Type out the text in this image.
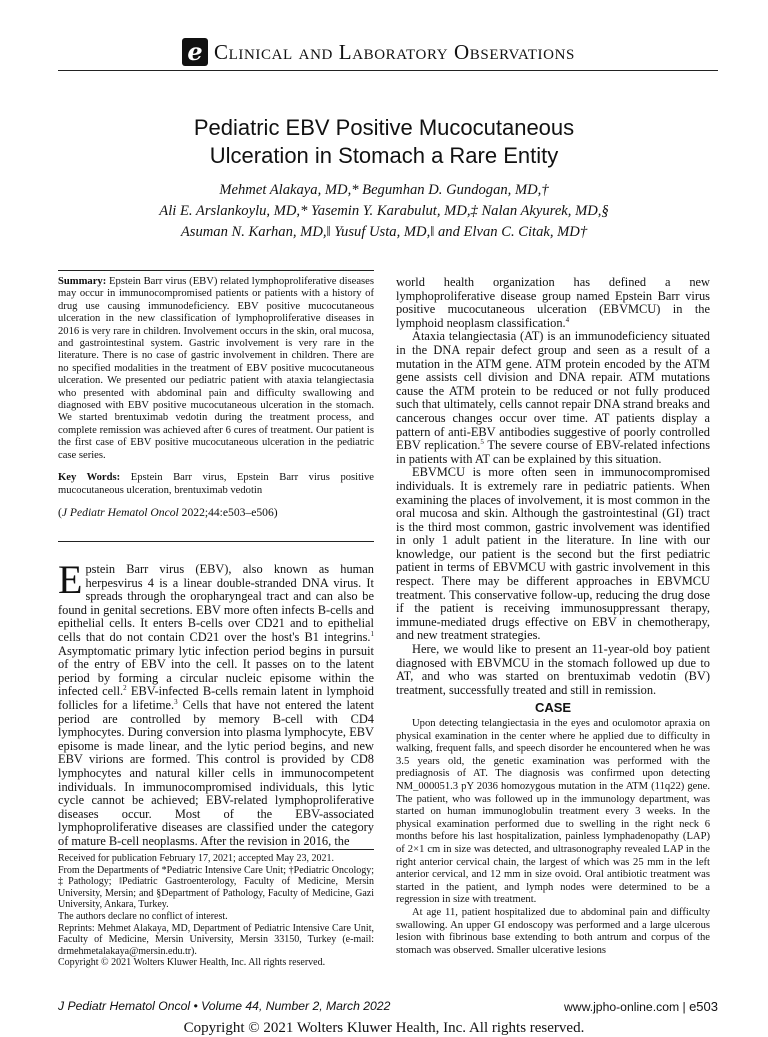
e Clinical and Laboratory Observations
Pediatric EBV Positive Mucocutaneous
Ulceration in Stomach a Rare Entity
Mehmet Alakaya, MD,* Begumhan D. Gundogan, MD,†
Ali E. Arslankoylu, MD,* Yasemin Y. Karabulut, MD,‡ Nalan Akyurek, MD,§
Asuman N. Karhan, MD,‖ Yusuf Usta, MD,‖ and Elvan C. Citak, MD†

Summary: Epstein Barr virus (EBV) related lymphoproliferative diseases may occur in immunocompromised patients or patients with a history of drug use causing immunodeficiency. EBV positive mucocutaneous ulceration in the new classification of lymphoproliferative diseases in 2016 is very rare in children. Involvement occurs in the skin, oral mucosa, and gastrointestinal system. Gastric involvement is very rare in the literature. There is no case of gastric involvement in children. There are no specified modalities in the treatment of EBV positive mucocutaneous ulceration. We presented our pediatric patient with ataxia telangiectasia who presented with abdominal pain and difficulty swallowing and diagnosed with EBV positive mucocutaneous ulceration in the stomach. We started brentuximab vedotin during the treatment process, and complete remission was achieved after 6 cures of treatment. Our patient is the first case of EBV positive mucocutaneous ulceration in the pediatric case series.

Key Words: Epstein Barr virus, Epstein Barr virus positive mucocutaneous ulceration, brentuximab vedotin

(J Pediatr Hematol Oncol 2022;44:e503–e506)

Epstein Barr virus (EBV), also known as human herpesvirus 4 is a linear double-stranded DNA virus. It spreads through the oropharyngeal tract and can also be found in genital secretions. EBV more often infects B-cells and epithelial cells. It enters B-cells over CD21 and to epithelial cells that do not contain CD21 over the host's B1 integrins.$^1$ Asymptomatic primary lytic infection period begins in pursuit of the entry of EBV into the cell. It passes on to the latent period by forming a circular nucleic episome within the infected cell.$^2$ EBV-infected B-cells remain latent in lymphoid follicles for a lifetime.$^3$ Cells that have not entered the latent period are controlled by memory B-cell with CD4 lymphocytes. During conversion into plasma lymphocyte, EBV episome is made linear, and the lytic period begins, and new EBV virions are formed. This control is provided by CD8 lymphocytes and natural killer cells in immunocompetent individuals. In immunocompromised individuals, this lytic cycle cannot be achieved; EBV-related lymphoproliferative diseases occur. Most of the EBV-associated lymphoproliferative diseases are classified under the category of mature B-cell neoplasms. After the revision in 2016, the

Received for publication February 17, 2021; accepted May 23, 2021.
From the Departments of *Pediatric Intensive Care Unit; †Pediatric Oncology; ‡Pathology; ‖Pediatric Gastroenterology, Faculty of Medicine, Mersin University, Mersin; and §Department of Pathology, Faculty of Medicine, Gazi University, Ankara, Turkey.
The authors declare no conflict of interest.
Reprints: Mehmet Alakaya, MD, Department of Pediatric Intensive Care Unit, Faculty of Medicine, Mersin University, Mersin 33150, Turkey (e-mail: drmehmetalakaya@mersin.edu.tr).
Copyright © 2021 Wolters Kluwer Health, Inc. All rights reserved.

world health organization has defined a new lymphoproliferative disease group named Epstein Barr virus positive mucocutaneous ulceration (EBVMCU) in the lymphoid neoplasm classification.$^4$

Ataxia telangiectasia (AT) is an immunodeficiency situated in the DNA repair defect group and seen as a result of a mutation in the ATM gene. ATM protein encoded by the ATM gene assists cell division and DNA repair. ATM mutations cause the ATM protein to be reduced or not fully produced such that ultimately, cells cannot repair DNA strand breaks and cancerous changes occur over time. AT patients display a pattern of anti-EBV antibodies suggestive of poorly controlled EBV replication.$^5$ The severe course of EBV-related infections in patients with AT can be explained by this situation.

EBVMCU is more often seen in immunocompromised individuals. It is extremely rare in pediatric patients. When examining the places of involvement, it is most common in the oral mucosa and skin. Although the gastrointestinal (GI) tract is the third most common, gastric involvement was identified in only 1 adult patient in the literature. In line with our knowledge, our patient is the second but the first pediatric patient in terms of EBVMCU with gastric involvement in this respect. There may be different approaches in EBVMCU treatment. This conservative follow-up, reducing the drug dose if the patient is receiving immunosuppressant therapy, immune-mediated drugs effective on EBV in chemotherapy, and new treatment strategies.

Here, we would like to present an 11-year-old boy patient diagnosed with EBVMCU in the stomach followed up due to AT, and who was started on brentuximab vedotin (BV) treatment, successfully treated and still in remission.

CASE

Upon detecting telangiectasia in the eyes and oculomotor apraxia on physical examination in the center where he applied due to difficulty in walking, frequent falls, and speech disorder he encountered when he was 3.5 years old, the genetic examination was performed with the prediagnosis of AT. The diagnosis was confirmed upon detecting NM_000051.3 pY 2036 homozygous mutation in the ATM (11q22) gene. The patient, who was followed up in the immunology department, was started on human immunoglobulin treatment every 3 weeks. In the physical examination performed due to swelling in the right neck 6 months before his last hospitalization, painless lymphadenopathy (LAP) of 2×1 cm in size was detected, and ultrasonography revealed LAP in the right anterior cervical chain, the largest of which was 25 mm in the left anterior cervical, and 12 mm in size ovoid. Oral antibiotic treatment was started in the patient, and lymph nodes were determined to be a regression in size with treatment.

At age 11, patient hospitalized due to abdominal pain and difficulty swallowing. An upper GI endoscopy was performed and a large ulcerous lesion with fibrinous base extending to both antrum and corpus of the stomach was observed. Smaller ulcerative lesions

J Pediatr Hematol Oncol • Volume 44, Number 2, March 2022	www.jpho-online.com | e503
Copyright © 2021 Wolters Kluwer Health, Inc. All rights reserved.
